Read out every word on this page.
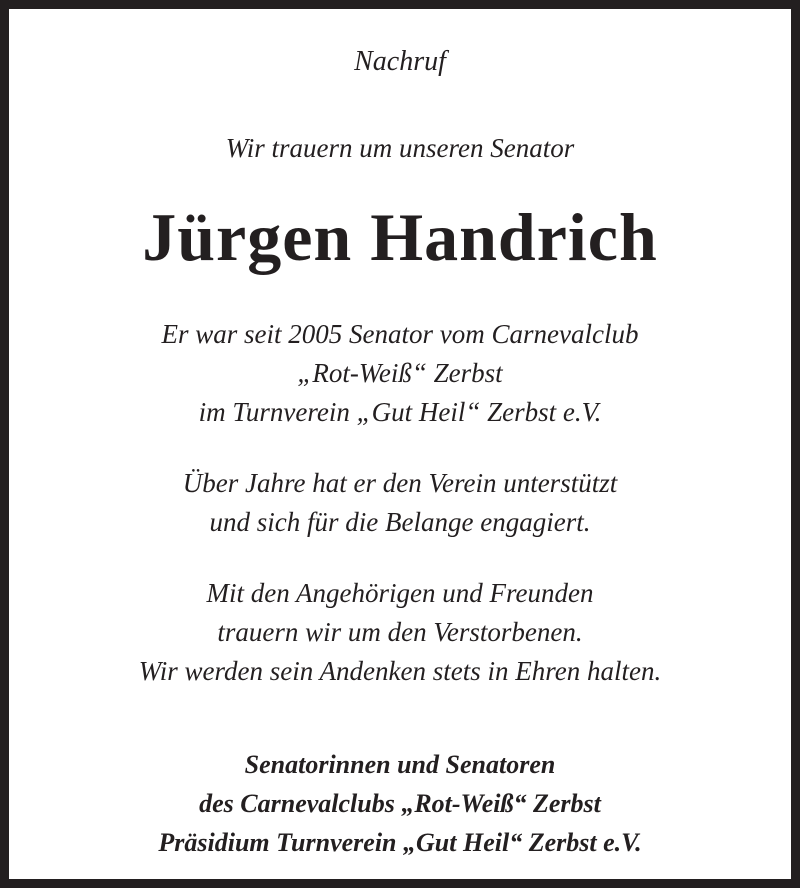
Nachruf
Wir trauern um unseren Senator
Jürgen Handrich
Er war seit 2005 Senator vom Carnevalclub
„Rot-Weiß“ Zerbst
im Turnverein „Gut Heil“ Zerbst e.V.
Über Jahre hat er den Verein unterstützt
und sich für die Belange engagiert.
Mit den Angehörigen und Freunden
trauern wir um den Verstorbenen.
Wir werden sein Andenken stets in Ehren halten.
Senatorinnen und Senatoren
des Carnevalclubs „Rot-Weiß“ Zerbst
Präsidium Turnverein „Gut Heil“ Zerbst e.V.
